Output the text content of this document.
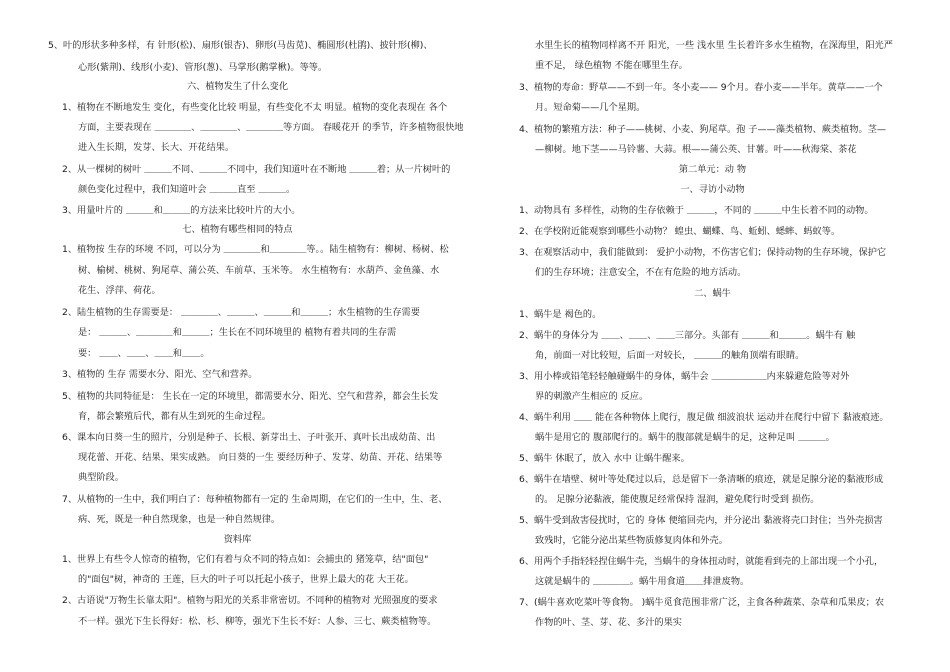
5、叶的形状多种多样，有 针形(松)、扇形(银杏)、卵形(马齿苋)、椭圆形(杜鹃)、披针形(柳)、
心形(紫荆)、线形(小麦)、管形(葱)、马掌形(鹅掌楸)。等等。
六、植物发生了什么变化
1、植物在不断地发生 变化，有些变化比较 明显，有些变化不太 明显。植物的变化表现在 各个
方面，主要表现在 ＿＿＿＿、＿＿＿＿、＿＿＿＿等方面。 春暖花开 的季节，许多植物很快地
进入生长期，发芽、长大、开花结果。
2、从一棵树的树叶 ＿＿＿不同、＿＿＿不同中，我们知道叶在不断地 ＿＿＿着；从一片树叶的
颜色变化过程中，我们知道叶会 ＿＿＿直至 ＿＿＿。
3、用量叶片的 ＿＿＿和＿＿＿的方法来比较叶片的大小。
七、植物有哪些相同的特点
1、植物按 生存的环境 不同，可以分为 ＿＿＿＿和＿＿＿＿等。。陆生植物有：柳树、杨树、松
树、榆树、桃树、狗尾草、蒲公英、车前草、玉米等。 水生植物有：水葫芦、金鱼藻、水
花生、浮萍、荷花。
2、陆生植物的生存需要是： ＿＿＿＿、＿＿＿、＿＿＿和＿＿＿；水生植物的生存需要
是： ＿＿＿、＿＿＿＿和＿＿＿；生长在不同环境里的 植物有着共同的生存需
要： ＿＿、＿＿、＿＿和＿＿。
3、植物的 生存 需要水分、阳光、空气和营养。
5、植物的共同特征是： 生长在一定的环境里，都需要水分、阳光、空气和营养，都会生长发
育，都会繁殖后代，都有从生到死的生命过程。
6、课本向日葵一生的照片，分别是种子、长根、新芽出土、子叶张开、真叶长出成幼苗、出
现花蕾、开花、结果、果实成熟。 向日葵的一生 要经历种子、发芽、幼苗、开花、结果等
典型阶段。
7、从植物的一生中，我们明白了：每种植物都有一定的 生命周期，在它们的一生中，生、老、
病、死，既是一种自然现象，也是一种自然规律。
资料库
1、世界上有些令人惊奇的植物，它们有着与众不同的特点如：会捕虫的 猪笼草，结"面包"
的"面包"树，神奇的 王莲，巨大的叶子可以托起小孩子，世界上最大的花 大王花。
2、古语说"万物生长靠太阳"。植物与阳光的关系非常密切。不同种的植物对 光照强度的要求
不一样。强光下生长得好：松、杉、柳等，强光下生长不好：人参、三七、蕨类植物等。
水里生长的植物同样离不开 阳光，一些 浅水里 生长着许多水生植物，在深海里，阳光严
重不足， 绿色植物 不能在哪里生存。
3、植物的寿命：野草——不到一年。冬小麦—— 9个月。春小麦——半年。黄草——一个
月。短命菊——几个星期。
4、植物的繁殖方法：种子——桃树、小麦、狗尾草。孢 子——藻类植物、蕨类植物。茎—
—柳树。地下茎——马铃薯、大蒜。根——蒲公英、甘薯。叶——秋海棠、茶花
第二单元：动 物
一、寻访小动物
1、动物具有 多样性，动物的生存依赖于 ＿＿＿，不同的 ＿＿＿中生长着不同的动物。
2、在学校附近能观察到哪些小动物？ 蝗虫、蝴蝶、鸟、蚯蚓、蟋蟀、蚂蚁等。
3、在观察活动中，我们能做到： 爱护小动物，不伤害它们；保持动物的生存环境，保护它
们的生存环境；注意安全，不在有危险的地方活动。
二、蜗牛
1、蜗牛是 褐色的。
2、蜗牛的身体分为 ＿＿、＿＿、＿＿三部分。头部有 ＿＿＿和＿＿＿。蜗牛有 触
角，前面一对比较短，后面一对较长， ＿＿＿的触角顶端有眼睛。
3、用小棒或铅笔轻轻触碰蜗牛的身体，蜗牛会 ＿＿＿＿＿＿内来躲避危险等对外
界的刺激产生相应的 反应。
4、蜗牛利用 ＿＿ 能在各种物体上爬行，腹足做 细波浪状 运动并在爬行中留下 黏液痕迹。
蜗牛是用它的 腹部爬行的。蜗牛的腹部就是蜗牛的足，这种足叫 ＿＿＿。
5、蜗牛 休眠了，放入 水中 让蜗牛醒来。
6、蜗牛在墙壁、树叶等处爬过以后，总是留下一条清晰的痕迹，就是足腺分泌的黏液形成
的。 足腺分泌黏液，能使腹足经常保持 湿润，避免爬行时受到 损伤。
5、蜗牛受到敌害侵扰时，它的 身体 便缩回壳内，并分泌出 黏液将壳口封住；当外壳损害
致残时，它能分泌出某些物质修复肉体和外壳。
6、用两个手指轻轻捏住蜗牛壳，当蜗牛的身体扭动时，就能看到壳的上部出现一个小孔，
这就是蜗牛的 ＿＿＿＿。蜗牛用食道＿＿排泄废物。
7、(蜗牛喜欢吃菜叶等食物。 )蜗牛觅食范围非常广泛，主食各种蔬菜、杂草和瓜果皮；农
作物的叶、茎、芽、花、多汁的果实
